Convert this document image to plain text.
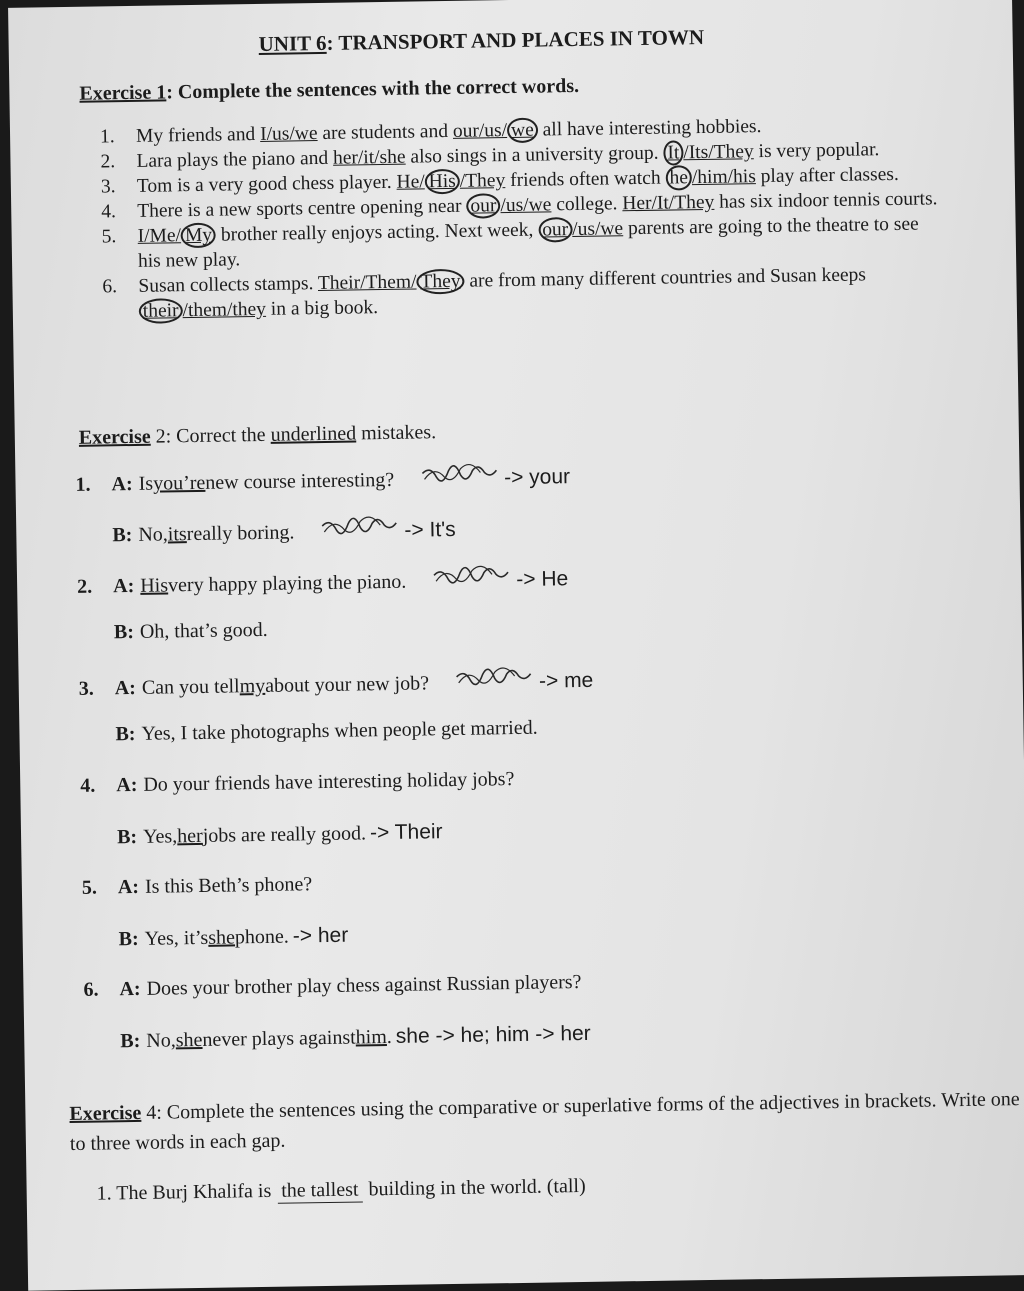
UNIT 6: TRANSPORT AND PLACES IN TOWN
Exercise 1: Complete the sentences with the correct words.
1.	My friends and I/us/we are students and our/us/ we all have interesting hobbies.
2.	Lara plays the piano and her/it/she also sings in a university group. It /Its/They is very popular.
3.	Tom is a very good chess player. He/ His /They friends often watch he /him/his play after classes.
4.	There is a new sports centre opening near our /us/we college. Her/It/They has six indoor tennis courts.
5.	I/Me/ My brother really enjoys acting. Next week, our /us/we parents are going to the theatre to see his new play.
6.	Susan collects stamps. Their/Them/ They are from many different countries and Susan keeps their /them/they in a big book.
Exercise 2: Correct the underlined mistakes.
1.	A: Is you’re new course interesting?	-> your
B: No, its really boring.	-> It's
2.	A: His very happy playing the piano.	-> He
B: Oh, that’s good.
3.	A: Can you tell my about your new job?	-> me
B: Yes, I take photographs when people get married.
4.	A: Do your friends have interesting holiday jobs?
B: Yes, her jobs are really good. -> Their
5.	A: Is this Beth’s phone?
B: Yes, it’s she phone. -> her
6.	A: Does your brother play chess against Russian players?
B: No, she never plays against him . she -> he; him -> her
Exercise 4: Complete the sentences using the comparative or superlative forms of the adjectives in brackets. Write one to three words in each gap.
1. The Burj Khalifa is the tallest building in the world. (tall)
